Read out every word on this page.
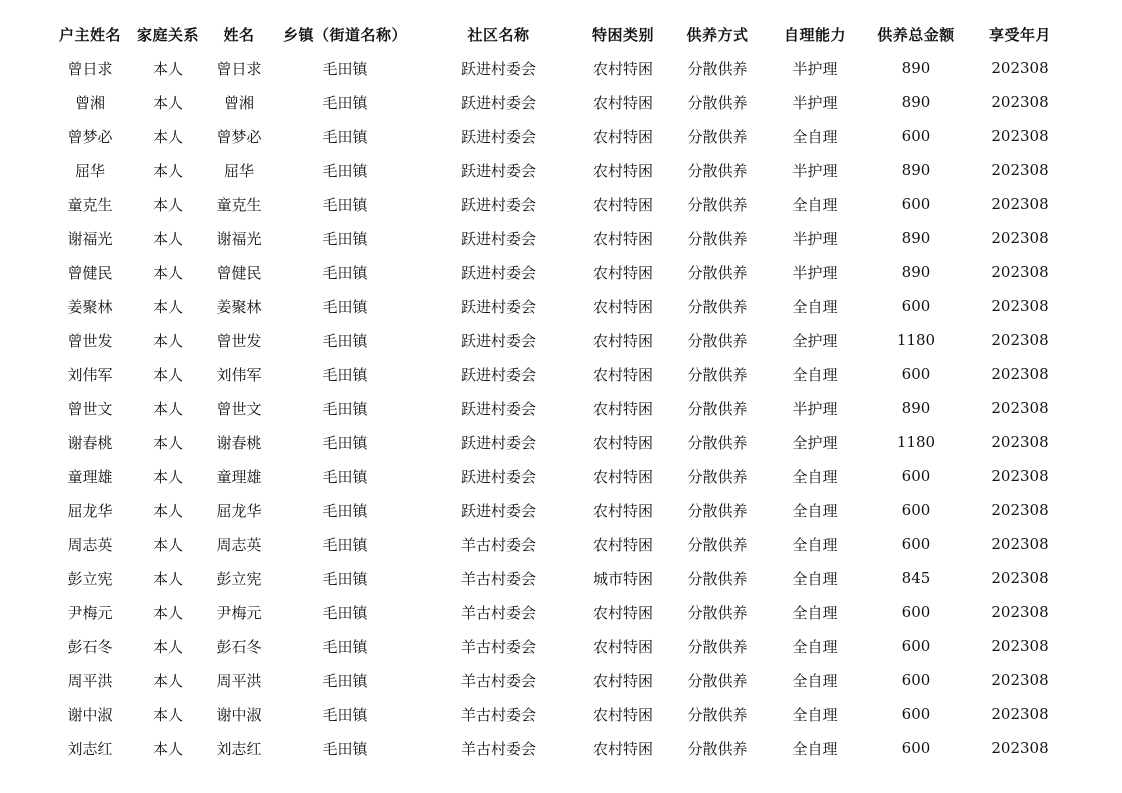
户主姓名	家庭关系	姓名	乡镇（街道名称）	社区名称	特困类别	供养方式	自理能力	供养总金额	享受年月
曾日求	本人	曾日求	毛田镇	跃进村委会	农村特困	分散供养	半护理	890	202308
曾湘	本人	曾湘	毛田镇	跃进村委会	农村特困	分散供养	半护理	890	202308
曾梦必	本人	曾梦必	毛田镇	跃进村委会	农村特困	分散供养	全自理	600	202308
屈华	本人	屈华	毛田镇	跃进村委会	农村特困	分散供养	半护理	890	202308
童克生	本人	童克生	毛田镇	跃进村委会	农村特困	分散供养	全自理	600	202308
谢福光	本人	谢福光	毛田镇	跃进村委会	农村特困	分散供养	半护理	890	202308
曾健民	本人	曾健民	毛田镇	跃进村委会	农村特困	分散供养	半护理	890	202308
姜聚林	本人	姜聚林	毛田镇	跃进村委会	农村特困	分散供养	全自理	600	202308
曾世发	本人	曾世发	毛田镇	跃进村委会	农村特困	分散供养	全护理	1180	202308
刘伟军	本人	刘伟军	毛田镇	跃进村委会	农村特困	分散供养	全自理	600	202308
曾世文	本人	曾世文	毛田镇	跃进村委会	农村特困	分散供养	半护理	890	202308
谢春桃	本人	谢春桃	毛田镇	跃进村委会	农村特困	分散供养	全护理	1180	202308
童理雄	本人	童理雄	毛田镇	跃进村委会	农村特困	分散供养	全自理	600	202308
屈龙华	本人	屈龙华	毛田镇	跃进村委会	农村特困	分散供养	全自理	600	202308
周志英	本人	周志英	毛田镇	羊古村委会	农村特困	分散供养	全自理	600	202308
彭立宪	本人	彭立宪	毛田镇	羊古村委会	城市特困	分散供养	全自理	845	202308
尹梅元	本人	尹梅元	毛田镇	羊古村委会	农村特困	分散供养	全自理	600	202308
彭石冬	本人	彭石冬	毛田镇	羊古村委会	农村特困	分散供养	全自理	600	202308
周平洪	本人	周平洪	毛田镇	羊古村委会	农村特困	分散供养	全自理	600	202308
谢中淑	本人	谢中淑	毛田镇	羊古村委会	农村特困	分散供养	全自理	600	202308
刘志红	本人	刘志红	毛田镇	羊古村委会	农村特困	分散供养	全自理	600	202308
